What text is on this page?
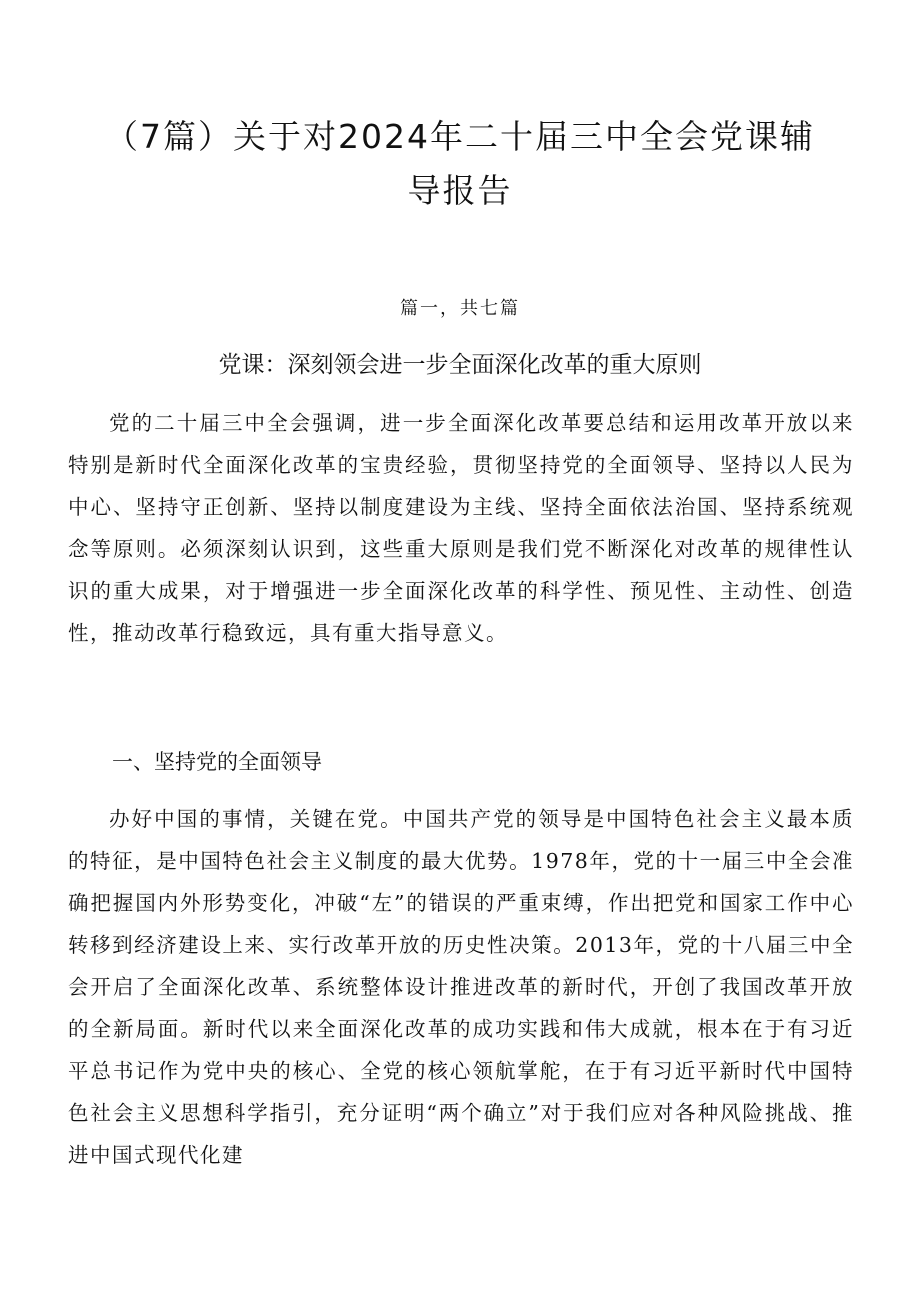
（7篇）关于对2024年二十届三中全会党课辅导报告
篇一，共七篇
党课：深刻领会进一步全面深化改革的重大原则

党的二十届三中全会强调，进一步全面深化改革要总结和运用改革开放以来特别是新时代全面深化改革的宝贵经验，贯彻坚持党的全面领导、坚持以人民为中心、坚持守正创新、坚持以制度建设为主线、坚持全面依法治国、坚持系统观念等原则。必须深刻认识到，这些重大原则是我们党不断深化对改革的规律性认识的重大成果，对于增强进一步全面深化改革的科学性、预见性、主动性、创造性，推动改革行稳致远，具有重大指导意义。

一、坚持党的全面领导

办好中国的事情，关键在党。中国共产党的领导是中国特色社会主义最本质的特征，是中国特色社会主义制度的最大优势。1978年，党的十一届三中全会准确把握国内外形势变化，冲破“左”的错误的严重束缚，作出把党和国家工作中心转移到经济建设上来、实行改革开放的历史性决策。2013年，党的十八届三中全会开启了全面深化改革、系统整体设计推进改革的新时代，开创了我国改革开放的全新局面。新时代以来全面深化改革的成功实践和伟大成就，根本在于有习近平总书记作为党中央的核心、全党的核心领航掌舵，在于有习近平新时代中国特色社会主义思想科学指引，充分证明“两个确立”对于我们应对各种风险挑战、推进中国式现代化建
